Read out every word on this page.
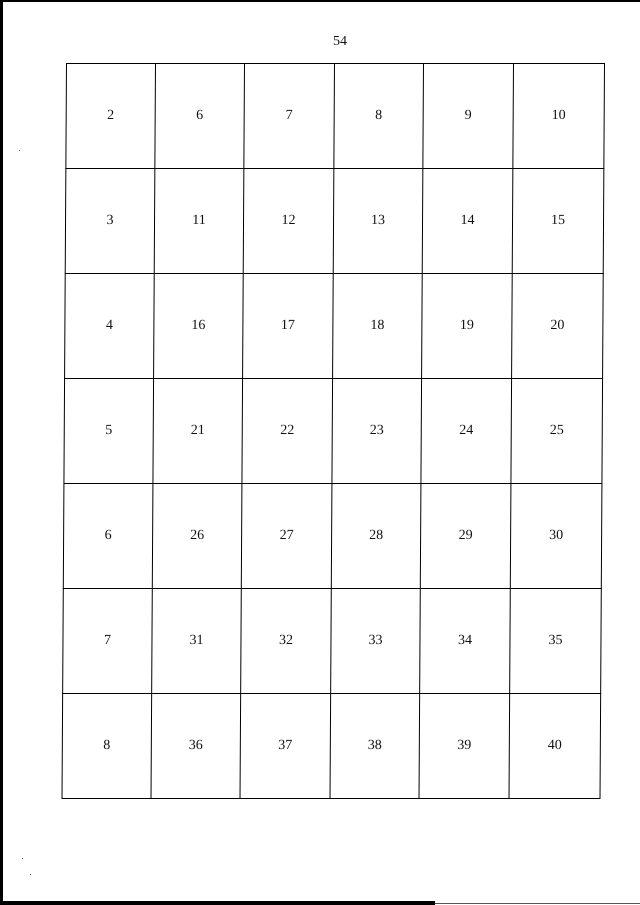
54
2	6	7	8	9	10
3	11	12	13	14	15
4	16	17	18	19	20
5	21	22	23	24	25
6	26	27	28	29	30
7	31	32	33	34	35
8	36	37	38	39	40
